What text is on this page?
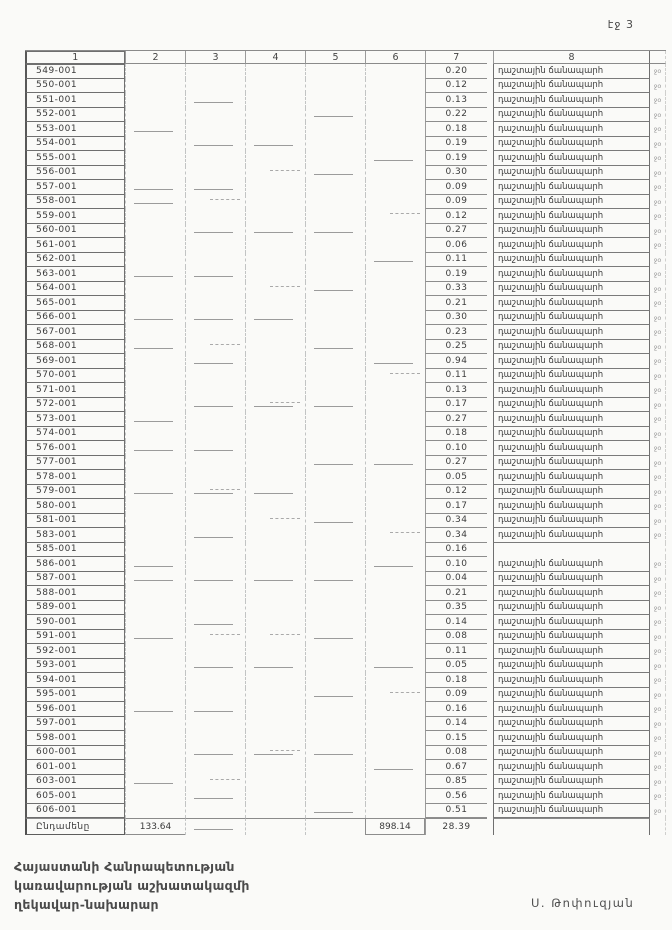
էջ 3
1	2	3	4	5	6	7	8
549-001	0.20	դաշտային ճանապարհ	ջօ
550-001	0.12	դաշտային ճանապարհ	ջօ
551-001	0.13	դաշտային ճանապարհ	ջօ
552-001	0.22	դաշտային ճանապարհ	ջօ
553-001	0.18	դաշտային ճանապարհ	ջօ
554-001	0.19	դաշտային ճանապարհ	ջօ
555-001	0.19	դաշտային ճանապարհ	ջօ
556-001	0.30	դաշտային ճանապարհ	ջօ
557-001	0.09	դաշտային ճանապարհ	ջօ
558-001	0.09	դաշտային ճանապարհ	ջօ
559-001	0.12	դաշտային ճանապարհ	ջօ
560-001	0.27	դաշտային ճանապարհ	ջօ
561-001	0.06	դաշտային ճանապարհ	ջօ
562-001	0.11	դաշտային ճանապարհ	ջօ
563-001	0.19	դաշտային ճանապարհ	ջօ
564-001	0.33	դաշտային ճանապարհ	ջօ
565-001	0.21	դաշտային ճանապարհ	ջօ
566-001	0.30	դաշտային ճանապարհ	ջօ
567-001	0.23	դաշտային ճանապարհ	ջօ
568-001	0.25	դաշտային ճանապարհ	ջօ
569-001	0.94	դաշտային ճանապարհ	ջօ
570-001	0.11	դաշտային ճանապարհ	ջօ
571-001	0.13	դաշտային ճանապարհ	ջօ
572-001	0.17	դաշտային ճանապարհ	ջօ
573-001	0.27	դաշտային ճանապարհ	ջօ
574-001	0.18	դաշտային ճանապարհ	ջօ
576-001	0.10	դաշտային ճանապարհ	ջօ
577-001	0.27	դաշտային ճանապարհ	ջօ
578-001	0.05	դաշտային ճանապարհ	ջօ
579-001	0.12	դաշտային ճանապարհ	ջօ
580-001	0.17	դաշտային ճանապարհ	ջօ
581-001	0.34	դաշտային ճանապարհ	ջօ
583-001	0.34	դաշտային ճանապարհ	ջօ
585-001	0.16
586-001	0.10	դաշտային ճանապարհ	ջօ
587-001	0.04	դաշտային ճանապարհ	ջօ
588-001	0.21	դաշտային ճանապարհ	ջօ
589-001	0.35	դաշտային ճանապարհ	ջօ
590-001	0.14	դաշտային ճանապարհ	ջօ
591-001	0.08	դաշտային ճանապարհ	ջօ
592-001	0.11	դաշտային ճանապարհ	ջօ
593-001	0.05	դաշտային ճանապարհ	ջօ
594-001	0.18	դաշտային ճանապարհ	ջօ
595-001	0.09	դաշտային ճանապարհ	ջօ
596-001	0.16	դաշտային ճանապարհ	ջօ
597-001	0.14	դաշտային ճանապարհ	ջօ
598-001	0.15	դաշտային ճանապարհ	ջօ
600-001	0.08	դաշտային ճանապարհ	ջօ
601-001	0.67	դաշտային ճանապարհ	ջօ
603-001	0.85	դաշտային ճանապարհ	ջօ
605-001	0.56	դաշտային ճանապարհ	ջօ
606-001	0.51	դաշտային ճանապարհ	ջօ
Ընդամենը	133.64	898.14	28.39
Հայաստանի Հանրապետության
կառավարության աշխատակազմի
ղեկավար-նախարար	Ս. Թոփուզյան
